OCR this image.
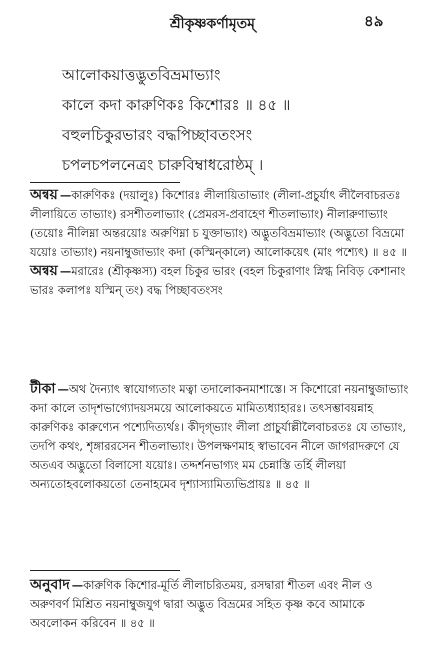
শ্রীকৃষ্ণকর্ণামৃতম্‌	৪৯
আলোকয়াত্তদ্ভুতবিভ্রমাভ্যাং
কালে কদা কারুণিকঃ কিশোরঃ ॥ ৪৫ ॥
বহুলচিকুরভারং বদ্ধপিচ্ছাবতংসং
চপলচপলনেত্রং চারুবিম্বাধরোষ্ঠম্‌ ।

অন্বয় —কারুণিকঃ (দয়ালুঃ) কিশোরঃ লীলায়িতাভ্যাং (লীলা-প্রচুর্যাৎ লীলৈবাচরতঃ লীলায়িতে তাভ্যাং) রসশীতলাভ্যাং (প্রেমরস-প্রবাহেণ শীতলাভ্যাং) নীলারুণাভ্যাং (তয়োঃ নীলিম্না অন্তরয়োঃ অরুণিম্না চ যুক্তাভ্যাং) অদ্ভুতবিভ্রমাভ্যাং (অদ্ভুতো বিভ্রমো যয়োঃ তাভ্যাং) নয়নাম্বুজাভ্যাং কদা (কস্মিন্‌কালে) আলোকয়েৎ (মাং পশ্যেৎ) ॥ ৪৫ ॥

অন্বয় —মরারেঃ (শ্রীকৃষ্ণস্য) বহল চিকুর ভারং (বহল চিকুরাণাং স্নিগ্ধ নিবিড় কেশানাং ভারঃ কলাপঃ যস্মিন্‌ তং) বদ্ধ পিচ্ছাবতংসং

টীকা —অথ দৈন্যাৎ স্বাযোগ্যতাং মত্বা তদালোকনমাশাস্তে। স কিশোরো নয়নাম্বুজাভ্যাং কদা কালে তাদৃশভাগ্যোদয়সময়ে আলোকয়তে মামিত্যধ্যাহারঃ। তৎসম্ভাবয়ন্নাহ কারুণিকঃ কারুণ্যেন পশ্যেদিত্যর্থঃ। কীদৃগ্‌ভ্যাং লীলা প্রাচুর্যাল্লীলৈবাচরতঃ যে তাভ্যাং, তদপি কথং, শৃঙ্গাররসেন শীতলাভ্যাং। উপলক্ষণমাহ স্বাভাবেন নীলে জাগরাদরুণে যে অতএব অদ্ভুতো বিলাসো যয়োঃ। তদ্দর্শনভাগ্যং মম চেন্নাস্তি তর্হি লীলয়া অন্যতোহবলোকয়তো তেনাহমেব দৃশ্যাস্যামিত্যভিপ্রায়ঃ ॥ ৪৫ ॥

অনুবাদ —কারুণিক কিশোর-মূর্তি লীলাচরিতময়, রসদ্বারা শীতল এবং নীল ও অরুণবর্ণ মিশ্রিত নয়নাম্বুজযুগ দ্বারা অদ্ভুত বিভ্রমের সহিত কৃষ্ণ কবে আমাকে অবলোকন করিবেন ॥ ৪৫ ॥
